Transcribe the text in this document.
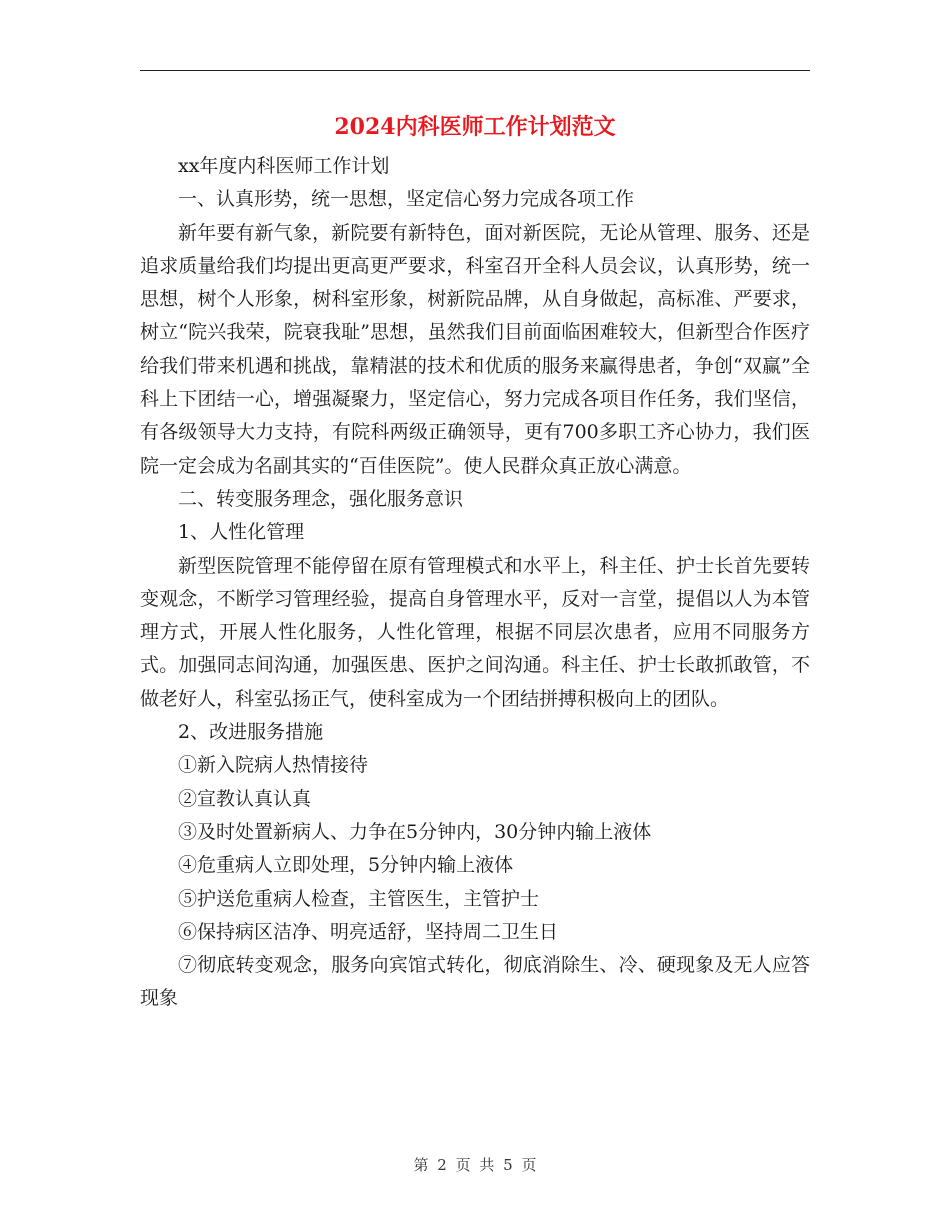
2024内科医师工作计划范文

xx年度内科医师工作计划

一、认真形势，统一思想，坚定信心努力完成各项工作

新年要有新气象，新院要有新特色，面对新医院，无论从管理、服务、还是追求质量给我们均提出更高更严要求，科室召开全科人员会议，认真形势，统一思想，树个人形象，树科室形象，树新院品牌，从自身做起，高标准、严要求，树立“院兴我荣，院衰我耻”思想，虽然我们目前面临困难较大，但新型合作医疗给我们带来机遇和挑战，靠精湛的技术和优质的服务来赢得患者，争创“双赢”全科上下团结一心，增强凝聚力，坚定信心，努力完成各项目作任务，我们坚信，有各级领导大力支持，有院科两级正确领导，更有700多职工齐心协力，我们医院一定会成为名副其实的“百佳医院”。使人民群众真正放心满意。

二、转变服务理念，强化服务意识

1、人性化管理

新型医院管理不能停留在原有管理模式和水平上，科主任、护士长首先要转变观念，不断学习管理经验，提高自身管理水平，反对一言堂，提倡以人为本管理方式，开展人性化服务，人性化管理，根据不同层次患者，应用不同服务方式。加强同志间沟通，加强医患、医护之间沟通。科主任、护士长敢抓敢管，不做老好人，科室弘扬正气，使科室成为一个团结拼搏积极向上的团队。

2、改进服务措施

①新入院病人热情接待

②宣教认真认真

③及时处置新病人、力争在5分钟内，30分钟内输上液体

④危重病人立即处理，5分钟内输上液体

⑤护送危重病人检查，主管医生，主管护士

⑥保持病区洁净、明亮适舒，坚持周二卫生日

⑦彻底转变观念，服务向宾馆式转化，彻底消除生、冷、硬现象及无人应答现象

第 2 页 共 5 页
